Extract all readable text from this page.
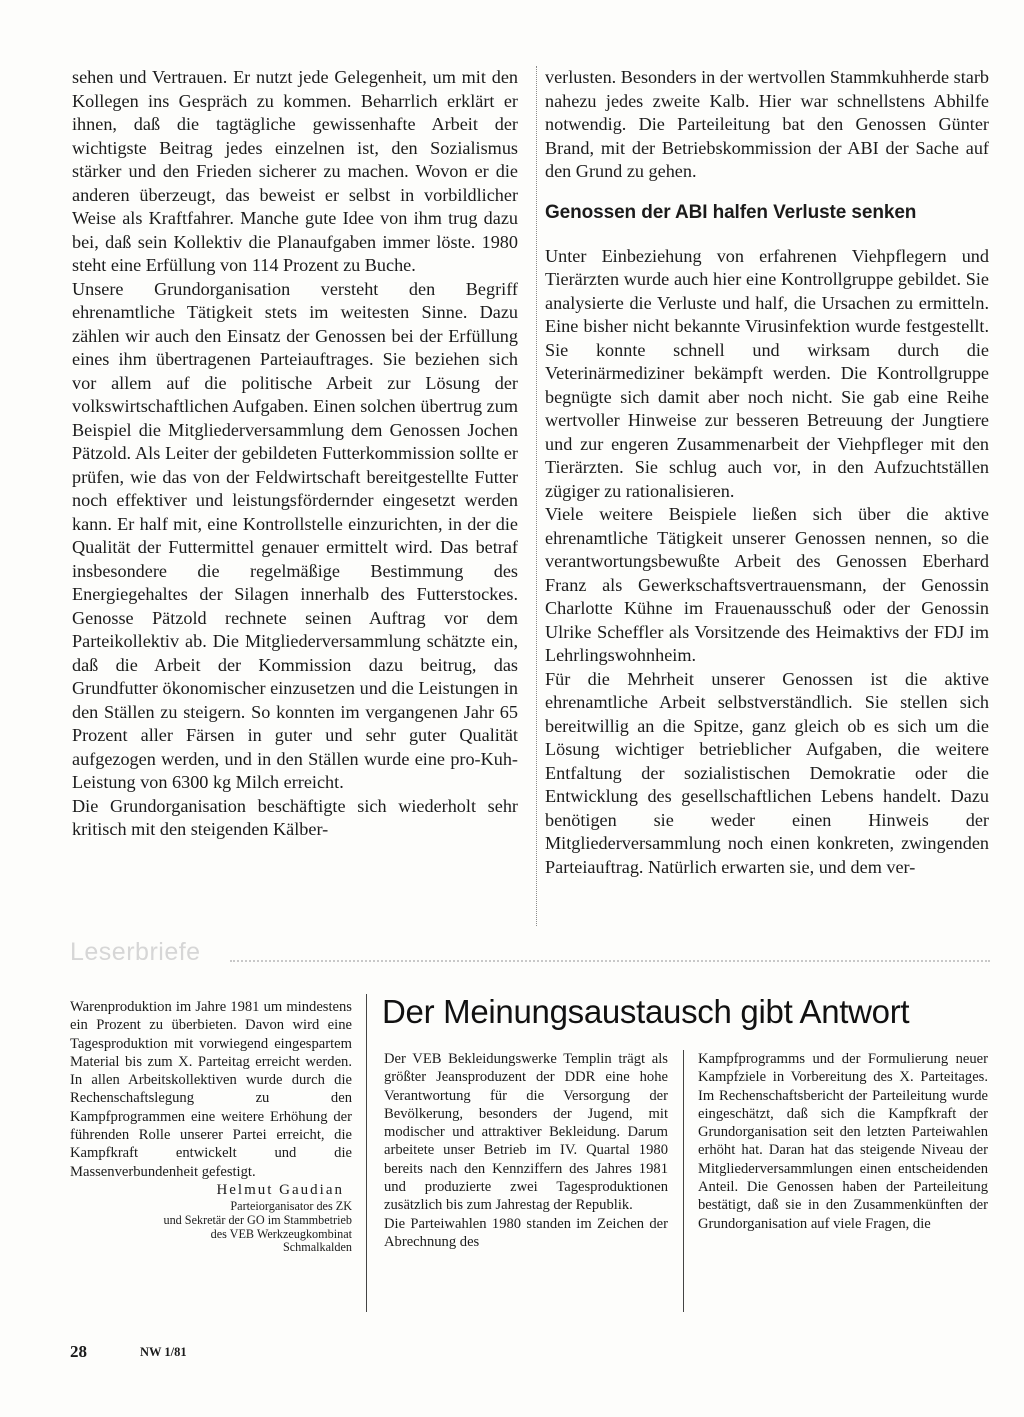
sehen und Vertrauen. Er nutzt jede Gelegenheit, um mit den Kollegen ins Gespräch zu kommen. Beharrlich erklärt er ihnen, daß die tagtägliche gewissenhafte Arbeit der wichtigste Beitrag jedes einzelnen ist, den Sozialismus stärker und den Frieden sicherer zu machen. Wovon er die anderen überzeugt, das beweist er selbst in vorbildlicher Weise als Kraftfahrer. Manche gute Idee von ihm trug dazu bei, daß sein Kollektiv die Planaufgaben immer löste. 1980 steht eine Erfüllung von 114 Prozent zu Buche.

Unsere Grundorganisation versteht den Begriff ehrenamtliche Tätigkeit stets im weitesten Sinne. Dazu zählen wir auch den Einsatz der Genossen bei der Erfüllung eines ihm übertragenen Parteiauftrages. Sie beziehen sich vor allem auf die politische Arbeit zur Lösung der volkswirtschaftlichen Aufgaben. Einen solchen übertrug zum Beispiel die Mitgliederversammlung dem Genossen Jochen Pätzold. Als Leiter der gebildeten Futterkommission sollte er prüfen, wie das von der Feldwirtschaft bereitgestellte Futter noch effektiver und leistungsfördernder eingesetzt werden kann. Er half mit, eine Kontrollstelle einzurichten, in der die Qualität der Futtermittel genauer ermittelt wird. Das betraf insbesondere die regelmäßige Bestimmung des Energiegehaltes der Silagen innerhalb des Futterstockes. Genosse Pätzold rechnete seinen Auftrag vor dem Parteikollektiv ab. Die Mitgliederversammlung schätzte ein, daß die Arbeit der Kommission dazu beitrug, das Grundfutter ökonomischer einzusetzen und die Leistungen in den Ställen zu steigern. So konnten im vergangenen Jahr 65 Prozent aller Färsen in guter und sehr guter Qualität aufgezogen werden, und in den Ställen wurde eine pro-Kuh-Leistung von 6300 kg Milch erreicht.

Die Grundorganisation beschäftigte sich wiederholt sehr kritisch mit den steigenden Kälber-

verlusten. Besonders in der wertvollen Stammkuhherde starb nahezu jedes zweite Kalb. Hier war schnellstens Abhilfe notwendig. Die Parteileitung bat den Genossen Günter Brand, mit der Betriebskommission der ABI der Sache auf den Grund zu gehen.

Genossen der ABI halfen Verluste senken

Unter Einbeziehung von erfahrenen Viehpflegern und Tierärzten wurde auch hier eine Kontrollgruppe gebildet. Sie analysierte die Verluste und half, die Ursachen zu ermitteln. Eine bisher nicht bekannte Virusinfektion wurde festgestellt. Sie konnte schnell und wirksam durch die Veterinärmediziner bekämpft werden. Die Kontrollgruppe begnügte sich damit aber noch nicht. Sie gab eine Reihe wertvoller Hinweise zur besseren Betreuung der Jungtiere und zur engeren Zusammenarbeit der Viehpfleger mit den Tierärzten. Sie schlug auch vor, in den Aufzuchtställen zügiger zu rationalisieren.

Viele weitere Beispiele ließen sich über die aktive ehrenamtliche Tätigkeit unserer Genossen nennen, so die verantwortungsbewußte Arbeit des Genossen Eberhard Franz als Gewerkschaftsvertrauensmann, der Genossin Charlotte Kühne im Frauenausschuß oder der Genossin Ulrike Scheffler als Vorsitzende des Heimaktivs der FDJ im Lehrlingswohnheim.

Für die Mehrheit unserer Genossen ist die aktive ehrenamtliche Arbeit selbstverständlich. Sie stellen sich bereitwillig an die Spitze, ganz gleich ob es sich um die Lösung wichtiger betrieblicher Aufgaben, die weitere Entfaltung der sozialistischen Demokratie oder die Entwicklung des gesellschaftlichen Lebens handelt. Dazu benötigen sie weder einen Hinweis der Mitgliederversammlung noch einen konkreten, zwingenden Parteiauftrag. Natürlich erwarten sie, und dem ver-

Leserbriefe

Warenproduktion im Jahre 1981 um mindestens ein Prozent zu überbieten. Davon wird eine Tagesproduktion mit vorwiegend eingespartem Material bis zum X. Parteitag erreicht werden. In allen Arbeitskollektiven wurde durch die Rechenschaftslegung zu den Kampfprogrammen eine weitere Erhöhung der führenden Rolle unserer Partei erreicht, die Kampfkraft entwickelt und die Massenverbundenheit gefestigt.

Helmut Gaudian
Parteiorganisator des ZK
und Sekretär der GO im Stammbetrieb
des VEB Werkzeugkombinat
Schmalkalden
Der Meinungsaustausch gibt Antwort

Der VEB Bekleidungswerke Templin trägt als größter Jeansproduzent der DDR eine hohe Verantwortung für die Versorgung der Bevölkerung, besonders der Jugend, mit modischer und attraktiver Bekleidung. Darum arbeitete unser Betrieb im IV. Quartal 1980 bereits nach den Kennziffern des Jahres 1981 und produzierte zwei Tagesproduktionen zusätzlich bis zum Jahrestag der Republik.

Die Parteiwahlen 1980 standen im Zeichen der Abrechnung des

Kampfprogramms und der Formulierung neuer Kampfziele in Vorbereitung des X. Parteitages. Im Rechenschaftsbericht der Parteileitung wurde eingeschätzt, daß sich die Kampfkraft der Grundorganisation seit den letzten Parteiwahlen erhöht hat. Daran hat das steigende Niveau der Mitgliederversammlungen einen entscheidenden Anteil. Die Genossen haben der Parteileitung bestätigt, daß sie in den Zusammenkünften der Grundorganisation auf viele Fragen, die

28	NW 1/81
